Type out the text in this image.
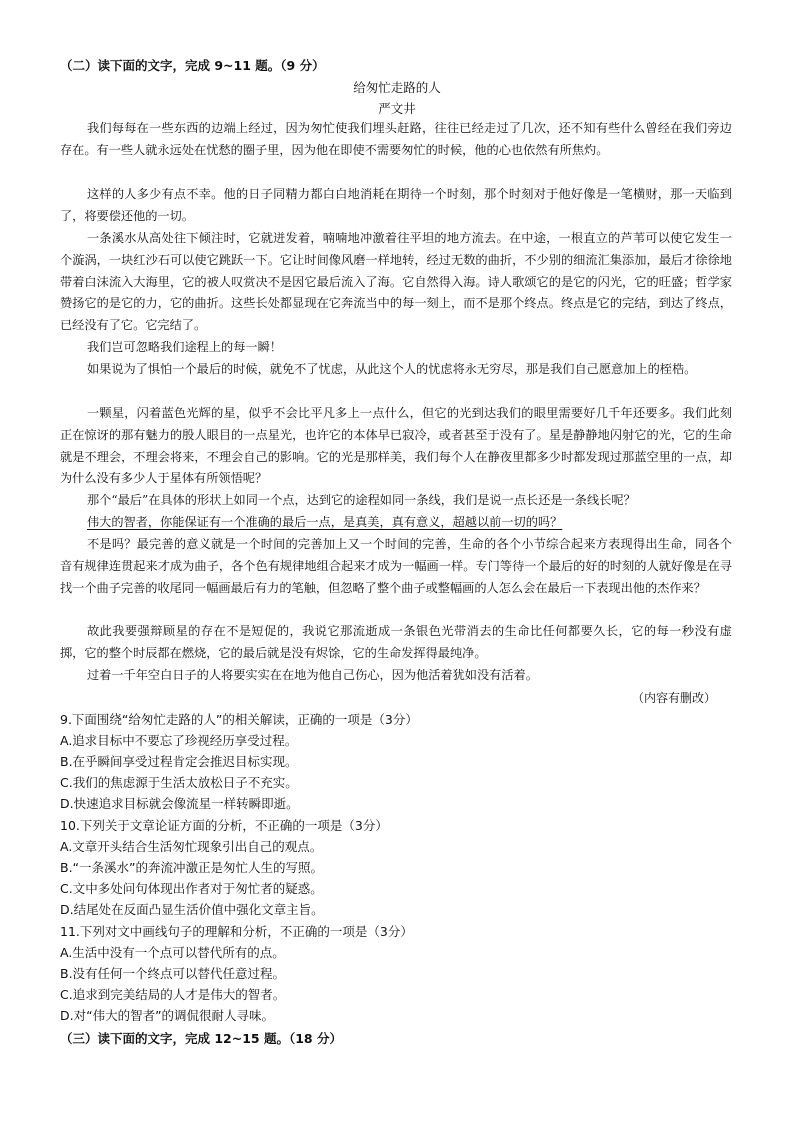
（二）读下面的文字，完成 9~11 题。（9 分）
给匆忙走路的人
严文井

我们每每在一些东西的边端上经过，因为匆忙使我们埋头赶路，往往已经走过了几次，还不知有些什么曾经在我们旁边存在。有一些人就永远处在忧愁的圈子里，因为他在即使不需要匆忙的时候，他的心也依然有所焦灼。

这样的人多少有点不幸。他的日子同精力都白白地消耗在期待一个时刻，那个时刻对于他好像是一笔横财，那一天临到了，将要偿还他的一切。

一条溪水从高处往下倾注时，它就迸发着，喃喃地冲激着往平坦的地方流去。在中途，一根直立的芦苇可以使它发生一个漩涡，一块红沙石可以使它跳跃一下。它让时间像风磨一样地转，经过无数的曲折，不少别的细流汇集添加，最后才徐徐地带着白沫流入大海里，它的被人叹赏决不是因它最后流入了海。它自然得入海。诗人歌颂它的是它的闪光，它的旺盛；哲学家赞扬它的是它的力，它的曲折。这些长处都显现在它奔流当中的每一刻上，而不是那个终点。终点是它的完结，到达了终点，已经没有了它。它完结了。

我们岂可忽略我们途程上的每一瞬！

如果说为了惧怕一个最后的时候，就免不了忧虑，从此这个人的忧虑将永无穷尽，那是我们自己愿意加上的桎梏。

一颗星，闪着蓝色光辉的星，似乎不会比平凡多上一点什么，但它的光到达我们的眼里需要好几千年还要多。我们此刻正在惊讶的那有魅力的殷人眼目的一点星光，也许它的本体早已寂冷，或者甚至于没有了。星是静静地闪射它的光，它的生命就是不理会，不理会将来，不理会自己的影响。它的光是那样美，我们每个人在静夜里都多少时都发现过那蓝空里的一点，却为什么没有多少人于星体有所领悟呢？

那个“最后”在具体的形状上如同一个点，达到它的途程如同一条线，我们是说一点长还是一条线长呢？

伟大的智者，你能保证有一个准确的最后一点，是真美，真有意义，超越以前一切的吗？

不是吗？最完善的意义就是一个时间的完善加上又一个时间的完善，生命的各个小节综合起来方表现得出生命，同各个音有规律连贯起来才成为曲子，各个色有规律地组合起来才成为一幅画一样。专门等待一个最后的好的时刻的人就好像是在寻找一个曲子完善的收尾同一幅画最后有力的笔触，但忽略了整个曲子或整幅画的人怎么会在最后一下表现出他的杰作来？

故此我要强辩顾星的存在不是短促的，我说它那流逝成一条银色光带消去的生命比任何都要久长，它的每一秒没有虚掷，它的整个时辰都在燃烧，它的最后就是没有烬馀，它的生命发挥得最纯净。

过着一千年空白日子的人将要实实在在地为他自己伤心，因为他活着犹如没有活着。

（内容有删改）
9.下面围绕“给匆忙走路的人”的相关解读，正确的一项是（3分）
A.追求目标中不要忘了珍视经历享受过程。
B.在乎瞬间享受过程肯定会推迟目标实现。
C.我们的焦虑源于生活太放松日子不充实。
D.快速追求目标就会像流星一样转瞬即逝。
10.下列关于文章论证方面的分析，不正确的一项是（3分）
A.文章开头结合生活匆忙现象引出自己的观点。
B.“一条溪水”的奔流冲激正是匆忙人生的写照。
C.文中多处问句体现出作者对于匆忙者的疑惑。
D.结尾处在反面凸显生活价值中强化文章主旨。
11.下列对文中画线句子的理解和分析，不正确的一项是（3分）
A.生活中没有一个点可以替代所有的点。
B.没有任何一个终点可以替代任意过程。
C.追求到完美结局的人才是伟大的智者。
D.对“伟大的智者”的调侃很耐人寻味。
（三）读下面的文字，完成 12~15 题。（18 分）
